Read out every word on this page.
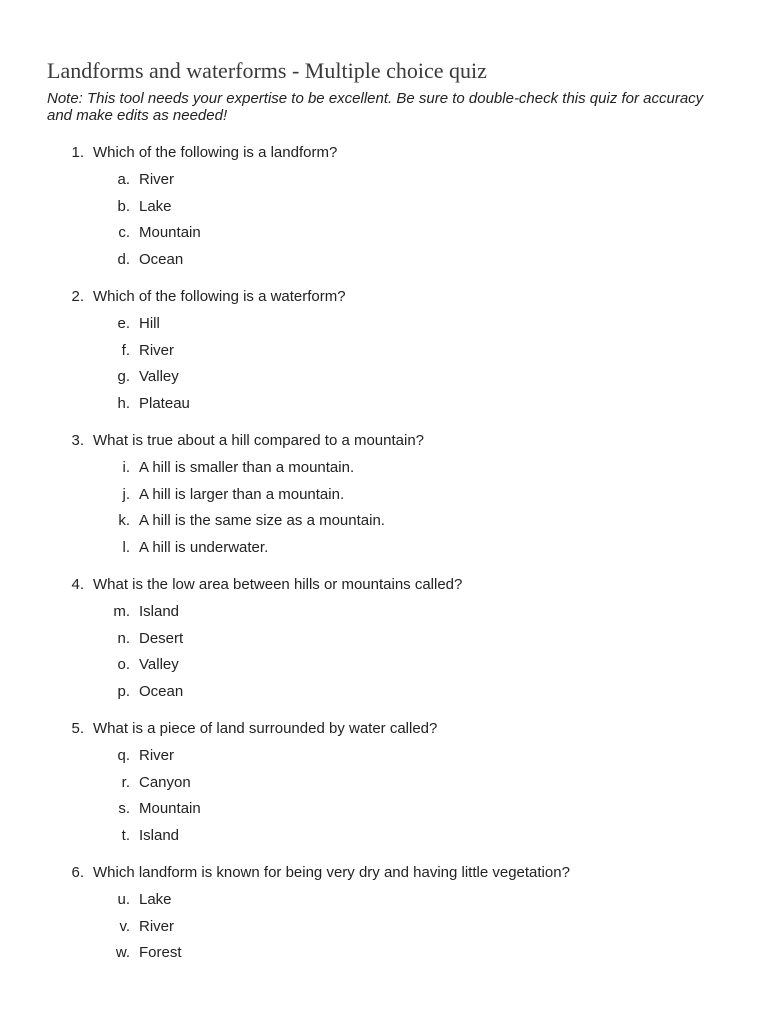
Landforms and waterforms - Multiple choice quiz

Note: This tool needs your expertise to be excellent. Be sure to double-check this quiz for accuracy and make edits as needed!

1. Which of the following is a landform?
a. River
b. Lake
c. Mountain
d. Ocean
2. Which of the following is a waterform?
e. Hill
f. River
g. Valley
h. Plateau
3. What is true about a hill compared to a mountain?
i. A hill is smaller than a mountain.
j. A hill is larger than a mountain.
k. A hill is the same size as a mountain.
l. A hill is underwater.
4. What is the low area between hills or mountains called?
m. Island
n. Desert
o. Valley
p. Ocean
5. What is a piece of land surrounded by water called?
q. River
r. Canyon
s. Mountain
t. Island
6. Which landform is known for being very dry and having little vegetation?
u. Lake
v. River
w. Forest
